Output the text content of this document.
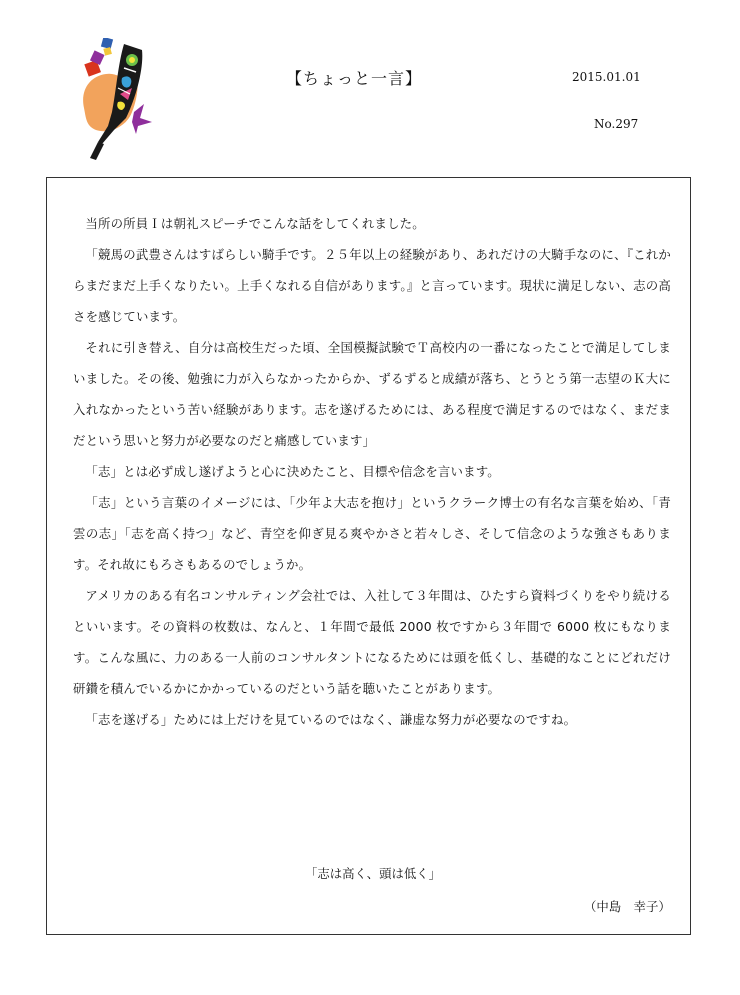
【ちょっと一言】	2015.01.01
No.297

当所の所員Ｉは朝礼スピーチでこんな話をしてくれました。

「競馬の武豊さんはすばらしい騎手です。２５年以上の経験があり、あれだけの大騎手なのに、『これからまだまだ上手くなりたい。上手くなれる自信があります。』と言っています。現状に満足しない、志の高さを感じています。

それに引き替え、自分は高校生だった頃、全国模擬試験でＴ高校内の一番になったことで満足してしまいました。その後、勉強に力が入らなかったからか、ずるずると成績が落ち、とうとう第一志望のＫ大に入れなかったという苦い経験があります。志を遂げるためには、ある程度で満足するのではなく、まだまだという思いと努力が必要なのだと痛感しています」

「志」とは必ず成し遂げようと心に決めたこと、目標や信念を言います。

「志」という言葉のイメージには、「少年よ大志を抱け」というクラーク博士の有名な言葉を始め、「青雲の志」「志を高く持つ」など、青空を仰ぎ見る爽やかさと若々しさ、そして信念のような強さもあります。それ故にもろさもあるのでしょうか。

アメリカのある有名コンサルティング会社では、入社して３年間は、ひたすら資料づくりをやり続けるといいます。その資料の枚数は、なんと、１年間で最低 2000 枚ですから３年間で 6000 枚にもなります。こんな風に、力のある一人前のコンサルタントになるためには頭を低くし、基礎的なことにどれだけ研鑽を積んでいるかにかかっているのだという話を聴いたことがあります。

「志を遂げる」ためには上だけを見ているのではなく、謙虚な努力が必要なのですね。

「志は高く、頭は低く」
（中島　幸子）
